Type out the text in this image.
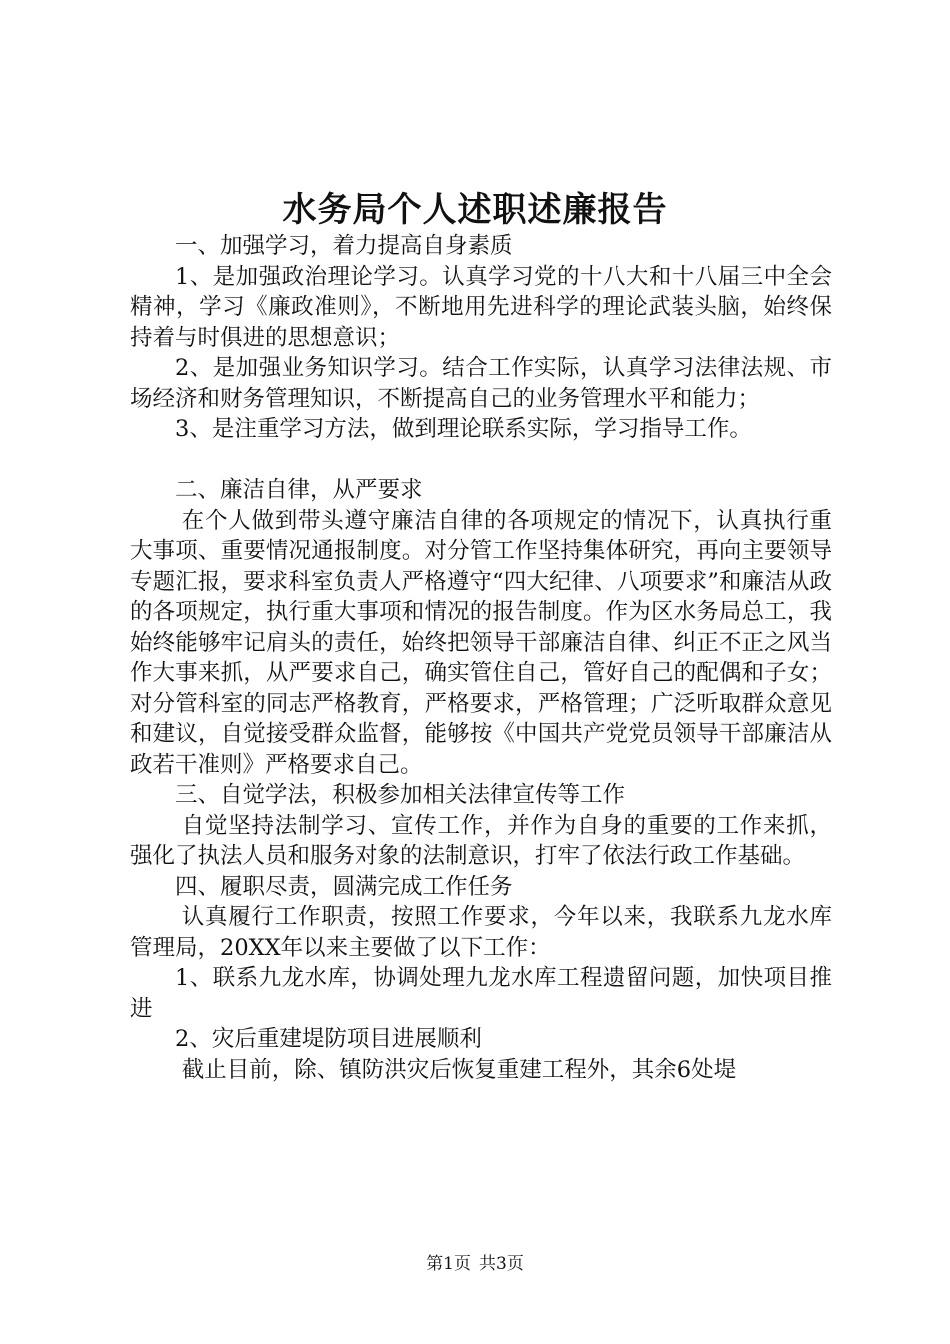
水务局个人述职述廉报告

一、加强学习，着力提高自身素质

1、是加强政治理论学习。认真学习党的十八大和十八届三中全会精神，学习《廉政准则》，不断地用先进科学的理论武装头脑，始终保持着与时俱进的思想意识；

2、是加强业务知识学习。结合工作实际，认真学习法律法规、市场经济和财务管理知识，不断提高自己的业务管理水平和能力；

3、是注重学习方法，做到理论联系实际，学习指导工作。

二、廉洁自律，从严要求

在个人做到带头遵守廉洁自律的各项规定的情况下，认真执行重大事项、重要情况通报制度。对分管工作坚持集体研究，再向主要领导专题汇报，要求科室负责人严格遵守“四大纪律、八项要求”和廉洁从政的各项规定，执行重大事项和情况的报告制度。作为区水务局总工，我始终能够牢记肩头的责任，始终把领导干部廉洁自律、纠正不正之风当作大事来抓，从严要求自己，确实管住自己，管好自己的配偶和子女；对分管科室的同志严格教育，严格要求，严格管理；广泛听取群众意见和建议，自觉接受群众监督，能够按《中国共产党党员领导干部廉洁从政若干准则》严格要求自己。

三、自觉学法，积极参加相关法律宣传等工作

自觉坚持法制学习、宣传工作，并作为自身的重要的工作来抓，强化了执法人员和服务对象的法制意识，打牢了依法行政工作基础。

四、履职尽责，圆满完成工作任务

认真履行工作职责，按照工作要求，今年以来，我联系九龙水库管理局，20XX年以来主要做了以下工作：

1、联系九龙水库，协调处理九龙水库工程遗留问题，加快项目推进

2、灾后重建堤防项目进展顺利

截止目前，除、镇防洪灾后恢复重建工程外，其余6处堤

第1页 共3页
